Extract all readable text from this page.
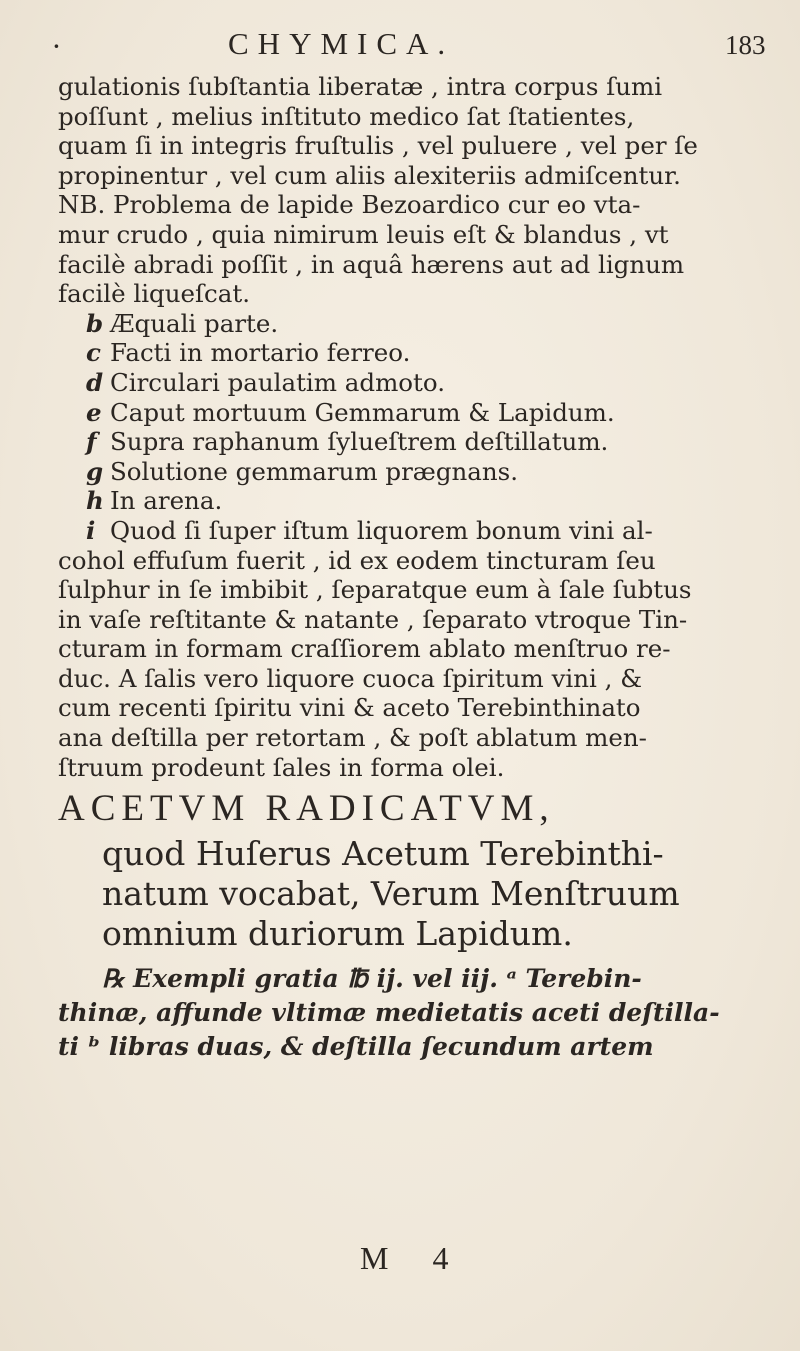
·	CHYMICA.	183
gulationis ſubſtantia liberatæ , intra corpus ſumi
poſſunt , melius inſtituto medico ſat ſtatientes,
quam ſi in integris fruſtulis , vel puluere , vel per ſe
propinentur , vel cum aliis alexiteriis admiſcentur.
NB. Problema de lapide Bezoardico cur eo vta-
mur crudo , quia nimirum leuis eſt & blandus , vt
facilè abradi poſſit , in aquâ hærens aut ad lignum
facilè liqueſcat.
b Æquali parte.
c Facti in mortario ferreo.
d Circulari paulatim admoto.
e Caput mortuum Gemmarum & Lapidum.
f Supra raphanum ſylueſtrem deſtillatum.
g Solutione gemmarum prægnans.
h In arena.
i Quod ſi ſuper iſtum liquorem bonum vini al-
cohol effuſum fuerit , id ex eodem tincturam ſeu
ſulphur in ſe imbibit , ſeparatque eum à ſale ſubtus
in vaſe reſtitante & natante , ſeparato vtroque Tin-
cturam in formam craſſiorem ablato menſtruo re-
duc. A ſalis vero liquore cuoca ſpiritum vini , &
cum recenti ſpiritu vini & aceto Terebinthinato
ana deſtilla per retortam , & poſt ablatum men-
ſtruum prodeunt ſales in forma olei.
ACETVM RADICATVM,
quod Huſerus Acetum Terebinthi-
natum vocabat, Verum Menſtruum
omnium duriorum Lapidum.
℞ Exempli gratia ℔ ij. vel iij. ᵃ Terebin-
thinæ, affunde vltimæ medietatis aceti deſtilla-
ti ᵇ libras duas, & deſtilla ſecundum artem
M 4
